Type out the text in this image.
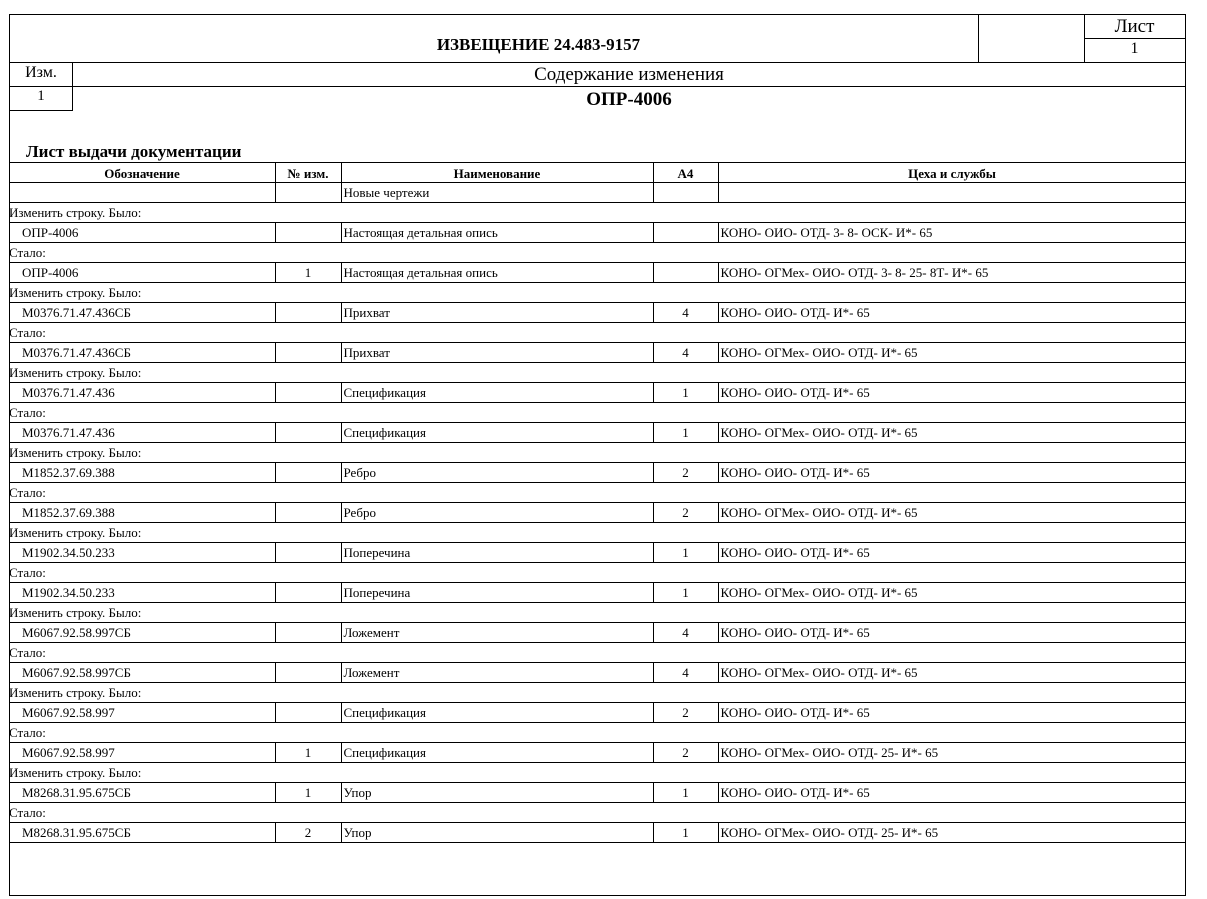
ИЗВЕЩЕНИЕ 24.483-9157
Лист
1
Изм.
1
Содержание изменения
ОПР-4006
Лист выдачи документации
Обозначение	№ изм.	Наименование	А4	Цеха и службы
		Новые чертежи		
Изменить строку. Было:				
ОПР-4006		Настоящая детальная опись		КОНО- ОИО- ОТД- 3- 8- ОСК- И*- 65
Стало:				
ОПР-4006	1	Настоящая детальная опись		КОНО- ОГМех- ОИО- ОТД- 3- 8- 25- 8Т- И*- 65
Изменить строку. Было:				
М0376.71.47.436СБ		Прихват	4	КОНО- ОИО- ОТД- И*- 65
Стало:				
М0376.71.47.436СБ		Прихват	4	КОНО- ОГМех- ОИО- ОТД- И*- 65
Изменить строку. Было:				
М0376.71.47.436		Спецификация	1	КОНО- ОИО- ОТД- И*- 65
Стало:				
М0376.71.47.436		Спецификация	1	КОНО- ОГМех- ОИО- ОТД- И*- 65
Изменить строку. Было:				
М1852.37.69.388		Ребро	2	КОНО- ОИО- ОТД- И*- 65
Стало:				
М1852.37.69.388		Ребро	2	КОНО- ОГМех- ОИО- ОТД- И*- 65
Изменить строку. Было:				
М1902.34.50.233		Поперечина	1	КОНО- ОИО- ОТД- И*- 65
Стало:				
М1902.34.50.233		Поперечина	1	КОНО- ОГМех- ОИО- ОТД- И*- 65
Изменить строку. Было:				
М6067.92.58.997СБ		Ложемент	4	КОНО- ОИО- ОТД- И*- 65
Стало:				
М6067.92.58.997СБ		Ложемент	4	КОНО- ОГМех- ОИО- ОТД- И*- 65
Изменить строку. Было:				
М6067.92.58.997		Спецификация	2	КОНО- ОИО- ОТД- И*- 65
Стало:				
М6067.92.58.997	1	Спецификация	2	КОНО- ОГМех- ОИО- ОТД- 25- И*- 65
Изменить строку. Было:				
М8268.31.95.675СБ	1	Упор	1	КОНО- ОИО- ОТД- И*- 65
Стало:				
М8268.31.95.675СБ	2	Упор	1	КОНО- ОГМех- ОИО- ОТД- 25- И*- 65
